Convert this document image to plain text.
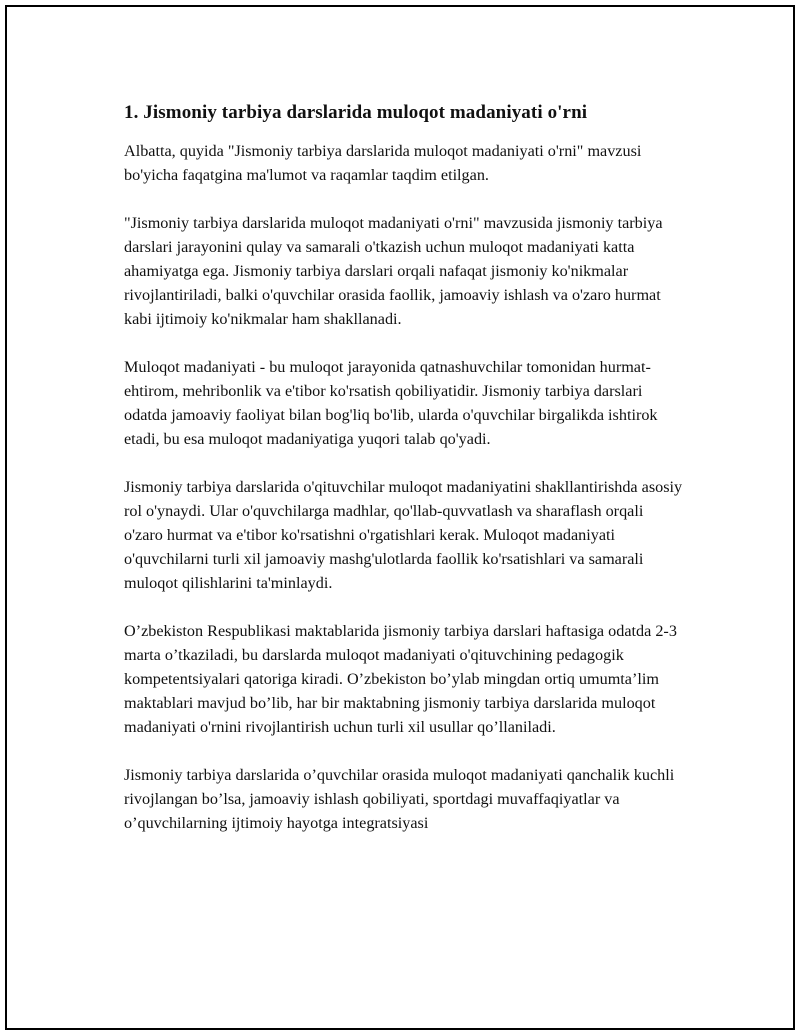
1. Jismoniy tarbiya darslarida muloqot madaniyati o'rni

Albatta, quyida "Jismoniy tarbiya darslarida muloqot madaniyati o'rni" mavzusi bo'yicha faqatgina ma'lumot va raqamlar taqdim etilgan.

"Jismoniy tarbiya darslarida muloqot madaniyati o'rni" mavzusida jismoniy tarbiya darslari jarayonini qulay va samarali o'tkazish uchun muloqot madaniyati katta ahamiyatga ega. Jismoniy tarbiya darslari orqali nafaqat jismoniy ko'nikmalar rivojlantiriladi, balki o'quvchilar orasida faollik, jamoaviy ishlash va o'zaro hurmat kabi ijtimoiy ko'nikmalar ham shakllanadi.

Muloqot madaniyati - bu muloqot jarayonida qatnashuvchilar tomonidan hurmat-ehtirom, mehribonlik va e'tibor ko'rsatish qobiliyatidir. Jismoniy tarbiya darslari odatda jamoaviy faoliyat bilan bog'liq bo'lib, ularda o'quvchilar birgalikda ishtirok etadi, bu esa muloqot madaniyatiga yuqori talab qo'yadi.

Jismoniy tarbiya darslarida o'qituvchilar muloqot madaniyatini shakllantirishda asosiy rol o'ynaydi. Ular o'quvchilarga madhlar, qo'llab-quvvatlash va sharaflash orqali o'zaro hurmat va e'tibor ko'rsatishni o'rgatishlari kerak. Muloqot madaniyati o'quvchilarni turli xil jamoaviy mashg'ulotlarda faollik ko'rsatishlari va samarali muloqot qilishlarini ta'minlaydi.

O’zbekiston Respublikasi maktablarida jismoniy tarbiya darslari haftasiga odatda 2-3 marta o’tkaziladi, bu darslarda muloqot madaniyati o'qituvchining pedagogik kompetentsiyalari qatoriga kiradi. O’zbekiston bo’ylab mingdan ortiq umumta’lim maktablari mavjud bo’lib, har bir maktabning jismoniy tarbiya darslarida muloqot madaniyati o'rnini rivojlantirish uchun turli xil usullar qo’llaniladi.

Jismoniy tarbiya darslarida o’quvchilar orasida muloqot madaniyati qanchalik kuchli rivojlangan bo’lsa, jamoaviy ishlash qobiliyati, sportdagi muvaffaqiyatlar va o’quvchilarning ijtimoiy hayotga integratsiyasi
